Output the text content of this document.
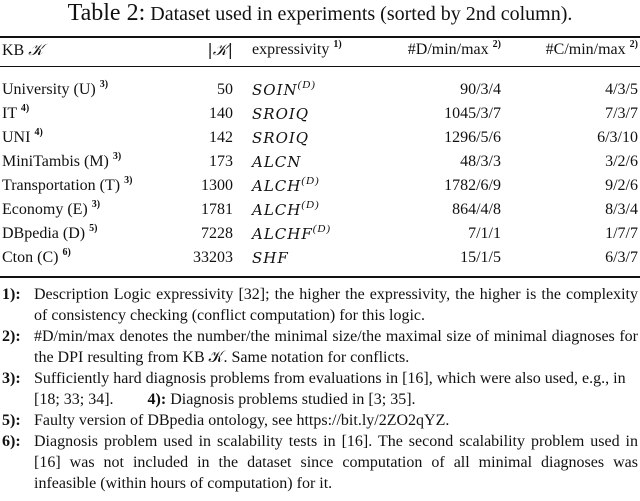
Table 2: Dataset used in experiments (sorted by 2nd column).
KB 𝒦	|𝒦| expressivity $^{1)}$	#D/min/max $^{2)}$	#C/min/max $^{2)}$
University (U) $^{3)}$	50 $SOIN^{(D)}$	90/3/4	4/3/5
IT $^{4)}$	140 SROIQ	1045/3/7	7/3/7
UNI $^{4)}$	142 SROIQ	1296/5/6	6/3/10
MiniTambis (M) $^{3)}$	173 ALCN	48/3/3	3/2/6
Transportation (T) $^{3)}$	1300 $ALCH^{(D)}$	1782/6/9	9/2/6
Economy (E) $^{3)}$	1781 $ALCH^{(D)}$	864/4/8	8/3/4
DBpedia (D) $^{5)}$	7228 $ALCHF^{(D)}$	7/1/1	1/7/7
Cton (C) $^{6)}$	33203 SHF	15/1/5	6/3/7
1): Description Logic expressivity [32]; the higher the expressivity, the higher is the complexity of consistency checking (conflict computation) for this logic.
2): #D/min/max denotes the number/the minimal size/the maximal size of minimal diagnoses for the DPI resulting from KB 𝒦. Same notation for conflicts.
3): Sufficiently hard diagnosis problems from evaluations in [16], which were also used, e.g., in [18; 33; 34]. 4): Diagnosis problems studied in [3; 35].
5): Faulty version of DBpedia ontology, see https://bit.ly/2ZO2qYZ.
6): Diagnosis problem used in scalability tests in [16]. The second scalability problem used in [16] was not included in the dataset since computation of all minimal diagnoses was infeasible (within hours of computation) for it.
